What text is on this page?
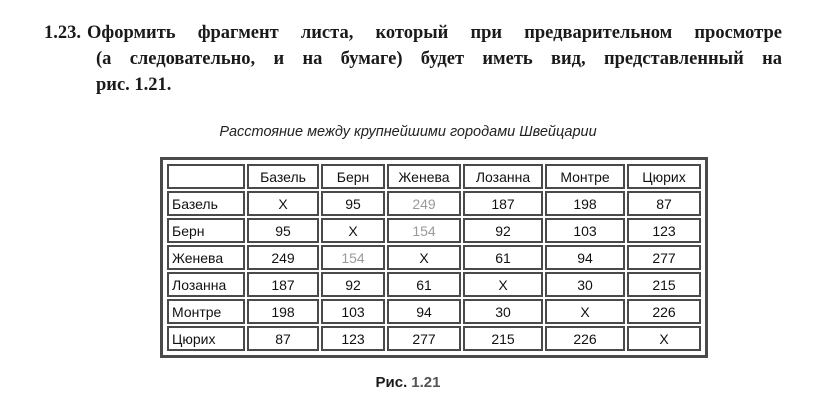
1.23. Оформить фрагмент листа, который при предварительном просмотре
(а следовательно, и на бумаге) будет иметь вид, представленный на
рис. 1.21.
Расстояние между крупнейшими городами Швейцарии
	Базель	Берн	Женева	Лозанна	Монтре	Цюрих
Базель	X	95	249	187	198	87
Берн	95	X	154	92	103	123
Женева	249	154	X	61	94	277
Лозанна	187	92	61	X	30	215
Монтре	198	103	94	30	X	226
Цюрих	87	123	277	215	226	X
Рис. 1.21
